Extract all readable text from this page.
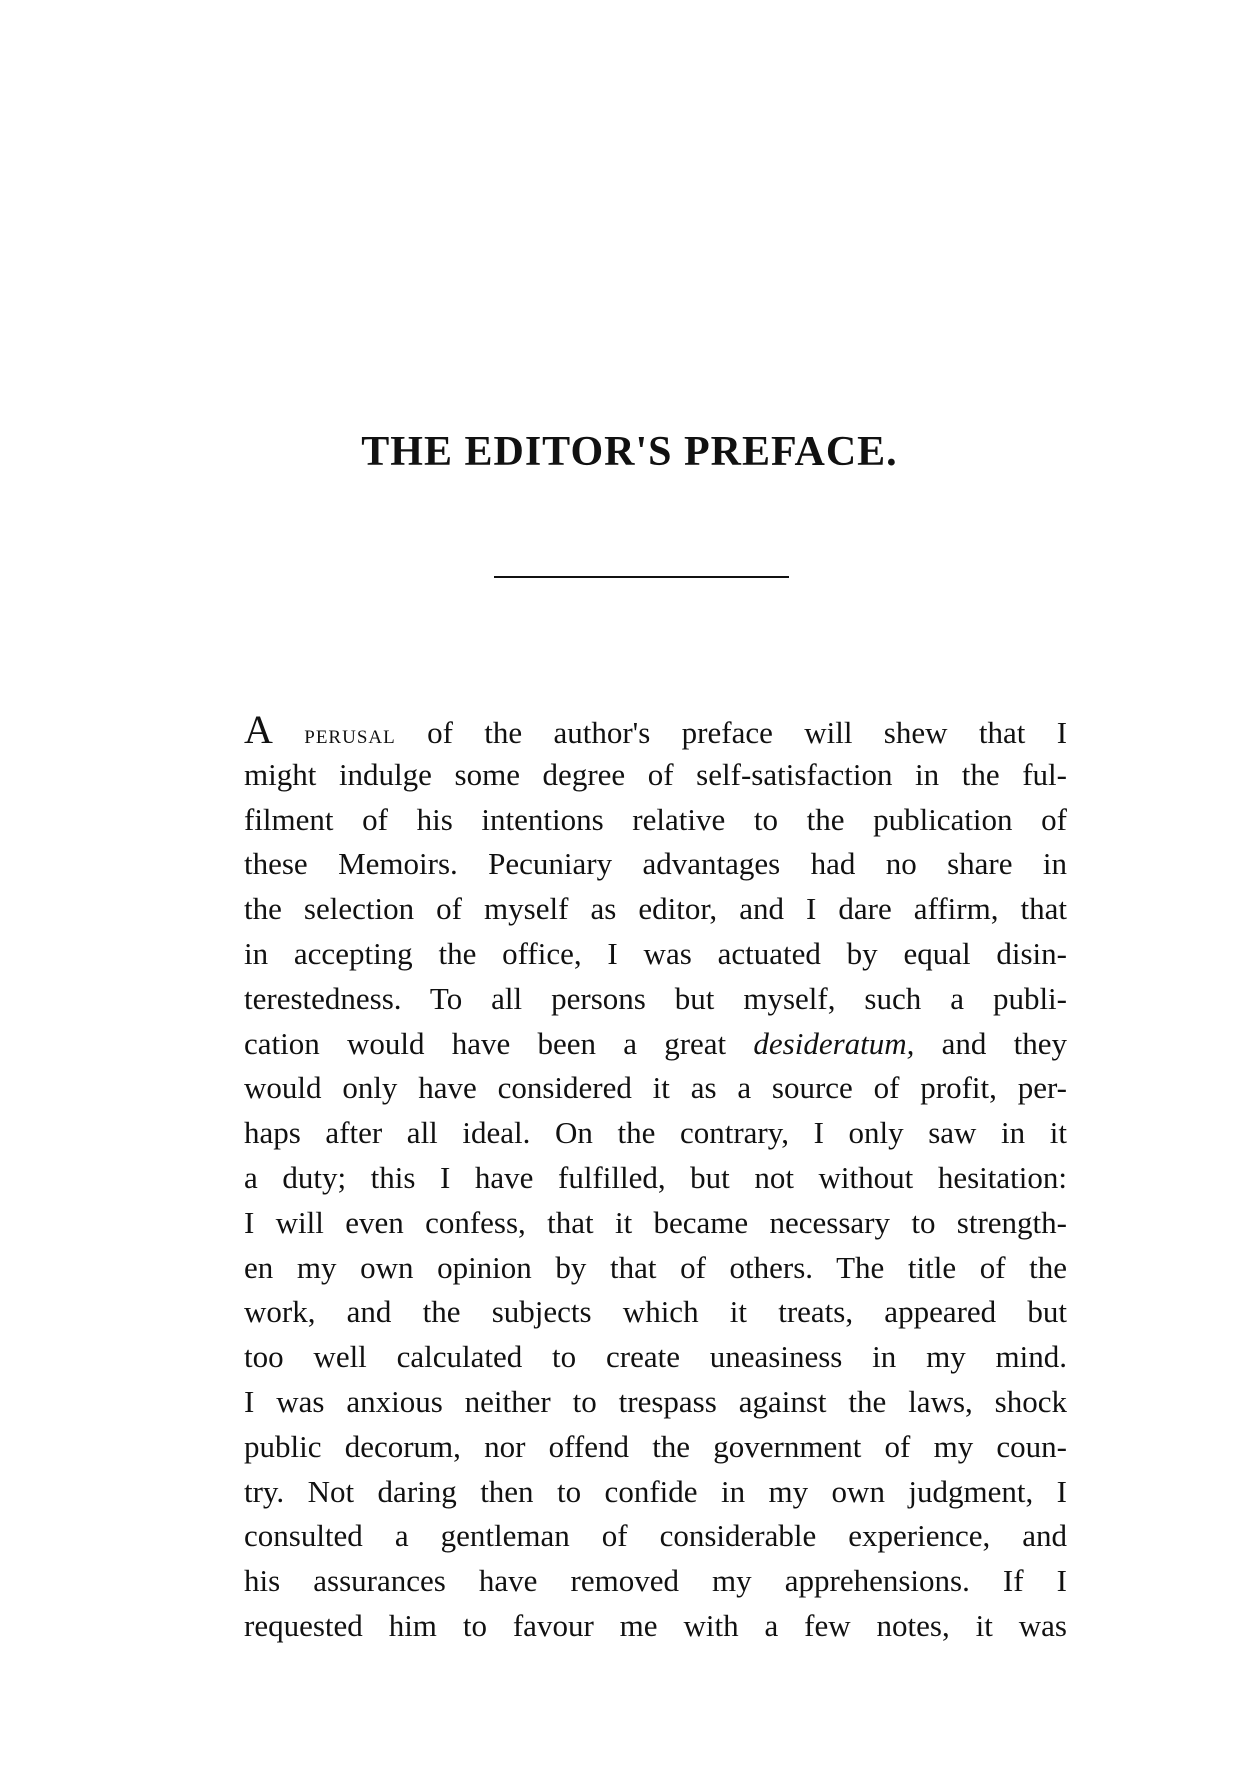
THE EDITOR'S PREFACE.
A PERUSAL of the author's preface will shew that I
might indulge some degree of self-satisfaction in the ful-
filment of his intentions relative to the publication of
these Memoirs. Pecuniary advantages had no share in
the selection of myself as editor, and I dare affirm, that
in accepting the office, I was actuated by equal disin-
terestedness. To all persons but myself, such a publi-
cation would have been a great desideratum, and they
would only have considered it as a source of profit, per-
haps after all ideal. On the contrary, I only saw in it
a duty; this I have fulfilled, but not without hesitation:
I will even confess, that it became necessary to strength-
en my own opinion by that of others. The title of the
work, and the subjects which it treats, appeared but
too well calculated to create uneasiness in my mind.
I was anxious neither to trespass against the laws, shock
public decorum, nor offend the government of my coun-
try. Not daring then to confide in my own judgment, I
consulted a gentleman of considerable experience, and
his assurances have removed my apprehensions. If I
requested him to favour me with a few notes, it was
